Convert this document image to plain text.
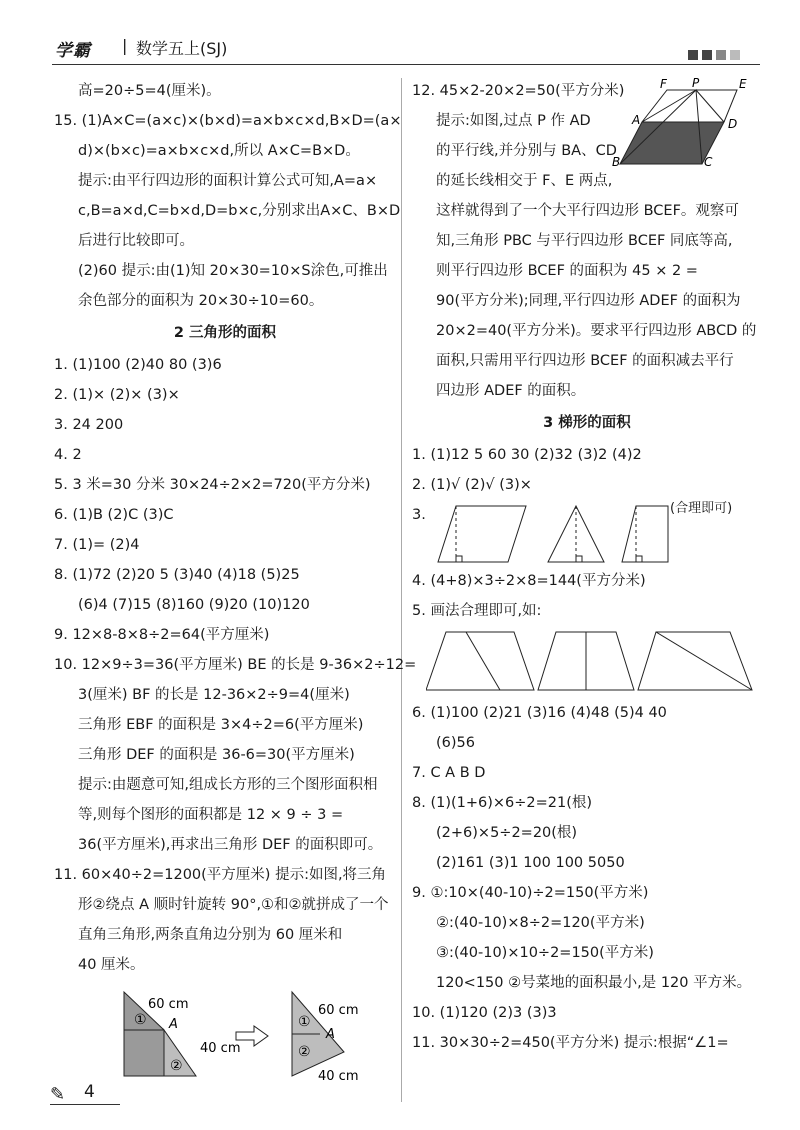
学霸 | 数学五上(SJ)

高=20÷5=4(厘米)。

15. (1)A×C=(a×c)×(b×d)=a×b×c×d,B×D=(a×

d)×(b×c)=a×b×c×d,所以 A×C=B×D。

提示:由平行四边形的面积计算公式可知,A=a×

c,B=a×d,C=b×d,D=b×c,分别求出A×C、B×D

后进行比较即可。

(2)60 提示:由(1)知 20×30=10×S涂色,可推出

余色部分的面积为 20×30÷10=60。

2 三角形的面积

1. (1)100 (2)40 80 (3)6

2. (1)× (2)× (3)×

3. 24 200

4. 2

5. 3 米=30 分米 30×24÷2×2=720(平方分米)

6. (1)B (2)C (3)C

7. (1)= (2)4

8. (1)72 (2)20 5 (3)40 (4)18 (5)25

(6)4 (7)15 (8)160 (9)20 (10)120

9. 12×8-8×8÷2=64(平方厘米)

10. 12×9÷3=36(平方厘米) BE 的长是 9-36×2÷12=

3(厘米) BF 的长是 12-36×2÷9=4(厘米)

三角形 EBF 的面积是 3×4÷2=6(平方厘米)

三角形 DEF 的面积是 36-6=30(平方厘米)

提示:由题意可知,组成长方形的三个图形面积相

等,则每个图形的面积都是 12 × 9 ÷ 3 =

36(平方厘米),再求出三角形 DEF 的面积即可。

11. 60×40÷2=1200(平方厘米) 提示:如图,将三角

形②绕点 A 顺时针旋转 90°,①和②就拼成了一个

直角三角形,两条直角边分别为 60 厘米和

40 厘米。

①
②
A
60 cm
40 cm
①
②
A
60 cm
40 cm
F P	E
A	D
B	C

12. 45×2-20×2=50(平方分米)

提示:如图,过点 P 作 AD

的平行线,并分别与 BA、CD

的延长线相交于 F、E 两点,

这样就得到了一个大平行四边形 BCEF。观察可

知,三角形 PBC 与平行四边形 BCEF 同底等高,

则平行四边形 BCEF 的面积为 45 × 2 =

90(平方分米);同理,平行四边形 ADEF 的面积为

20×2=40(平方分米)。要求平行四边形 ABCD 的

面积,只需用平行四边形 BCEF 的面积减去平行

四边形 ADEF 的面积。

3 梯形的面积

1. (1)12 5 60 30 (2)32 (3)2 (4)2

2. (1)√ (2)√ (3)×

3.	(合理即可)

4. (4+8)×3÷2×8=144(平方分米)

5. 画法合理即可,如:

6. (1)100 (2)21 (3)16 (4)48 (5)4 40

(6)56

7. C A B D

8. (1)(1+6)×6÷2=21(根)

(2+6)×5÷2=20(根)

(2)161 (3)1 100 100 5050

9. ①:10×(40-10)÷2=150(平方米)

②:(40-10)×8÷2=120(平方米)

③:(40-10)×10÷2=150(平方米)

120<150 ②号菜地的面积最小,是 120 平方米。

10. (1)120 (2)3 (3)3

11. 30×30÷2=450(平方分米) 提示:根据“∠1=

✎ 4
